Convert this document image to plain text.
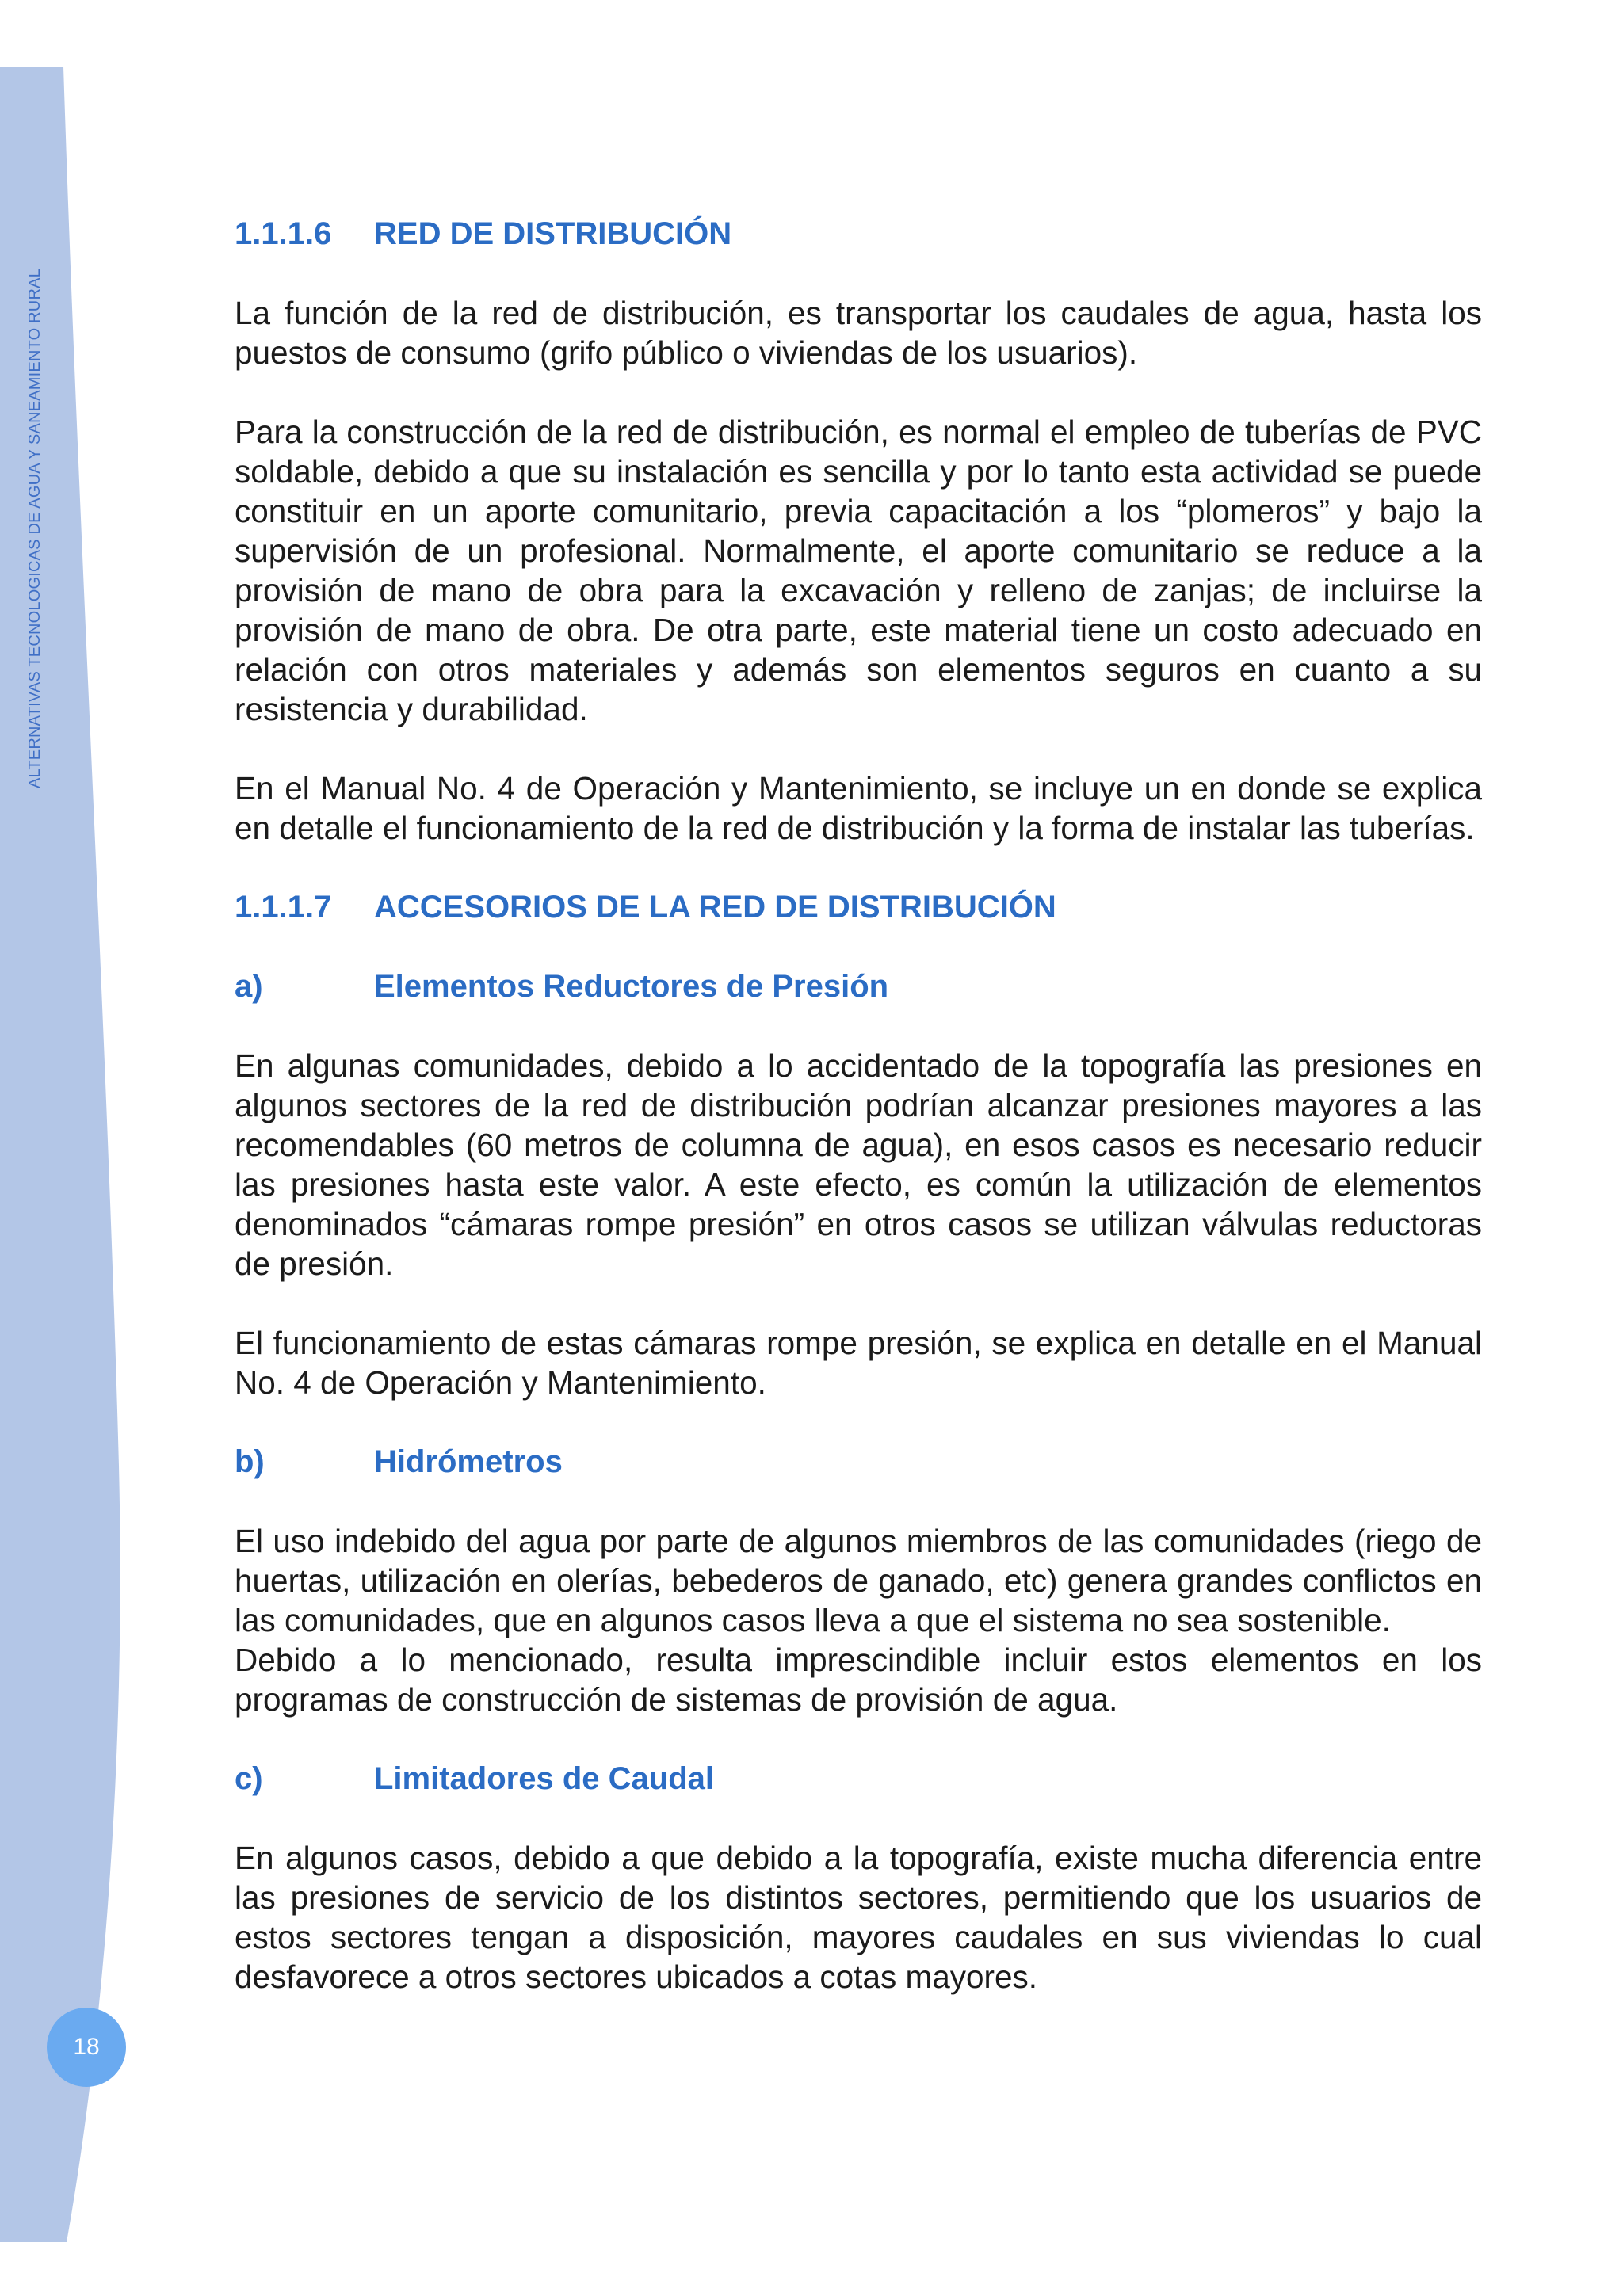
ALTERNATIVAS TECNOLOGICAS DE AGUA Y SANEAMIENTO RURAL
18
1.1.1.6	RED DE DISTRIBUCIÓN

La función de la red de distribución, es transportar los caudales de agua, hasta los puestos de consumo (grifo público o viviendas de los usuarios).

Para la construcción de la red de distribución, es normal el empleo de tuberías de PVC soldable, debido a que su instalación es sencilla y por lo tanto esta actividad se puede constituir en un aporte comunitario, previa capacitación a los “plomeros” y bajo la supervisión de un profesional. Normalmente, el aporte comunitario se reduce a la provisión de mano de obra para la excavación y relleno de zanjas; de incluirse la provisión de mano de obra. De otra parte, este material tiene un costo adecuado en relación con otros materiales y además son elementos seguros en cuanto a su resistencia y durabilidad.

En el Manual No. 4 de Operación y Mantenimiento, se incluye un en donde se explica en detalle el funcionamiento de la red de distribución y la forma de instalar las tuberías.

1.1.1.7	ACCESORIOS DE LA RED DE DISTRIBUCIÓN
a)	Elementos Reductores de Presión

En algunas comunidades, debido a lo accidentado de la topografía las presiones en algunos sectores de la red de distribución podrían alcanzar presiones mayores a las recomendables (60 metros de columna de agua), en esos casos es necesario reducir las presiones hasta este valor. A este efecto, es común la utilización de elementos denominados “cámaras rompe presión” en otros casos se utilizan válvulas reductoras de presión.

El funcionamiento de estas cámaras rompe presión, se explica en detalle en el Manual No. 4 de Operación y Mantenimiento.

b)	Hidrómetros

El uso indebido del agua por parte de algunos miembros de las comunidades (riego de huertas, utilización en olerías, bebederos de ganado, etc) genera grandes conflictos en las comunidades, que en algunos casos lleva a que el sistema no sea sostenible.

Debido a lo mencionado, resulta imprescindible incluir estos elementos en los programas de construcción de sistemas de provisión de agua.

c)	Limitadores de Caudal

En algunos casos, debido a que debido a la topografía, existe mucha diferencia entre las presiones de servicio de los distintos sectores, permitiendo que los usuarios de estos sectores tengan a disposición, mayores caudales en sus viviendas lo cual desfavorece a otros sectores ubicados a cotas mayores.
